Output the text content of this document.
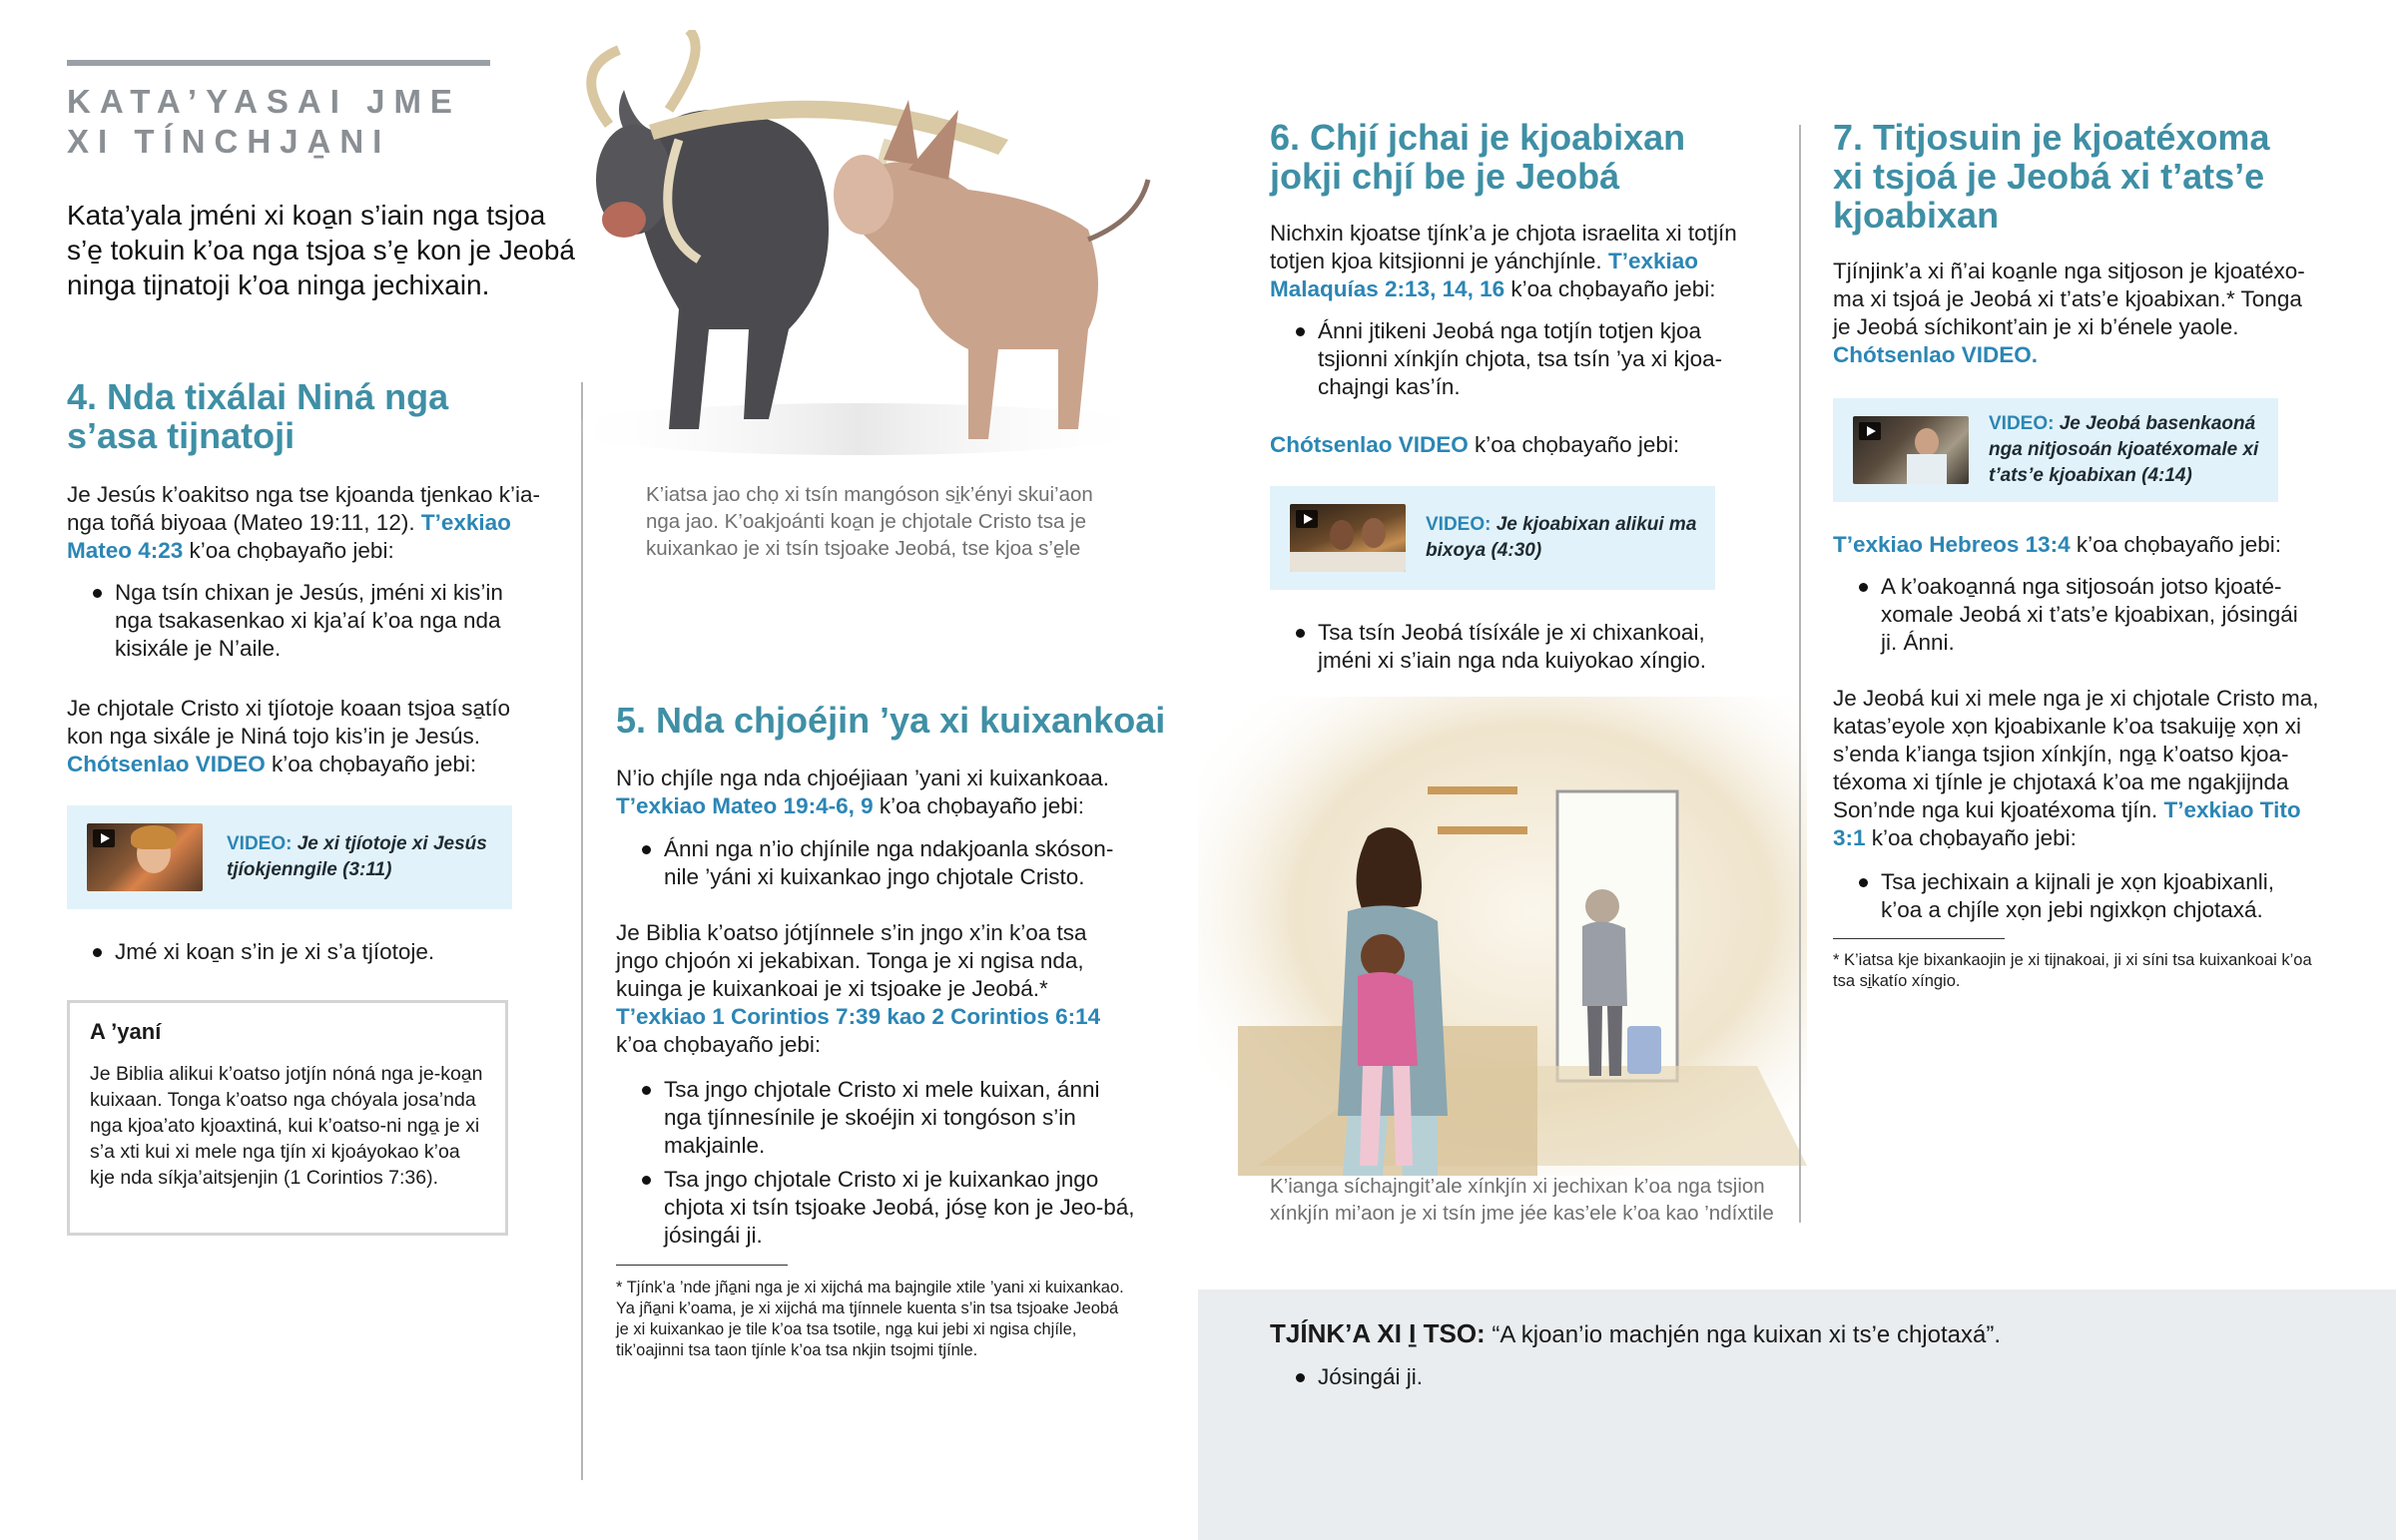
KATA’YASAI JME
XI TÍNCHJA̱NI

Kata’yala jméni xi koa̱n s’iain nga tsjoa s’e̱ tokuin k’oa nga tsjoa s’e̱ kon je Jeobá ninga tijnatoji k’oa ninga jechixain.

4. Nda tixálai Niná nga
s’asa tijnatoji

Je Jesús k’oakitso nga tse kjoanda tjenkao k’ia-nga toñá biyoaa (Mateo 19:11, 12). T’exkiao Mateo 4:23 k’oa chọbayaño jebi:

Nga tsín chixan je Jesús, jméni xi kis’in nga tsakasenkao xi kja’aí k’oa nga nda kisixále je N’aile.

Je chjotale Cristo xi tjíotoje koaan tsjoa sa̱tío kon nga sixále je Niná tojo kis’in je Jesús. Chótsenlao VIDEO k’oa chọbayaño jebi:

VIDEO: Je xi tjíotoje xi Jesús tjíokjenngile (3:11)
Jmé xi koa̱n s’in je xi s’a tjíotoje.
A ’yaní

Je Biblia alikui k’oatso jotjín nóná nga je-koa̱n kuixaan. Tonga k’oatso nga chóyala josa’nda nga kjoa’ato kjoaxtiná, kui k’oatso-ni nga̱ je xi s’a xti kui xi mele nga tjín xi kjoáyokao k’oa kje nda síkja’aitsjenjin (1 Corintios 7:36).

K’iatsa jao chọ xi tsín mangóson si̱k’ényi skui’aon nga jao. K’oakjoánti koa̱n je chjotale Cristo tsa je kuixankao je xi tsín tsjoake Jeobá, tse kjoa s’e̱le

5. Nda chjoéjin ’ya xi kuixankoai

N’io chjíle nga nda chjoéjiaan ’yani xi kuixankoaa. T’exkiao Mateo 19:4-6, 9 k’oa chọbayaño jebi:

Ánni nga n’io chjínile nga ndakjoanla skóson-nile ’yáni xi kuixankao jngo chjotale Cristo.

Je Biblia k’oatso jótjínnele s’in jngo x’in k’oa tsa jngo chjoón xi jekabixan. Tonga je xi ngisa nda, kuinga je kuixankoai je xi tsjoake je Jeobá.* T’exkiao 1 Corintios 7:39 kao 2 Corintios 6:14 k’oa chọbayaño jebi:

Tsa jngo chjotale Cristo xi mele kuixan, ánni nga tjínnesínile je skoéjin xi tongóson s’in makjainle.
Tsa jngo chjotale Cristo xi je kuixankao jngo chjota xi tsín tsjoake Jeobá, jóse̱ kon je Jeo-bá, jósingái ji.

* Tjínk’a ’nde jña̱ni nga je xi xijchá ma bajngile xtile ’yani xi kuixankao. Ya jña̱ni k’oama, je xi xijchá ma tjínnele kuenta s’in tsa tsjoake Jeobá je xi kuixankao je tile k’oa tsa tsotile, nga̱ kui jebi xi ngisa chjíle, tik’oajinni tsa taon tjínle k’oa tsa nkjin tsojmi tjínle.

6. Chjí jchai je kjoabixan
jokji chjí be je Jeobá

Nichxin kjoatse tjínk’a je chjota israelita xi totjín totjen kjoa kitsjionni je yánchjínle. T’exkiao Malaquías 2:13, 14, 16 k’oa chọbayaño jebi:

Ánni jtikeni Jeobá nga totjín totjen kjoa tsjionni xínkjín chjota, tsa tsín ’ya xi kjoa-chajngi kas’ín.

Chótsenlao VIDEO k’oa chọbayaño jebi:

VIDEO: Je kjoabixan alikui ma bixoya (4:30)
Tsa tsín Jeobá tísíxále je xi chixankoai, jméni xi s’iain nga nda kuiyokao xíngio.

K’ianga síchajngit’ale xínkjín xi jechixan k’oa nga tsjion xínkjín mi’aon je xi tsín jme jée kas’ele k’oa kao ’ndíxtile

7. Titjosuin je kjoatéxoma
xi tsjoá je Jeobá xi t’ats’e
kjoabixan

Tjínjink’a xi ñ’ai koa̱nle nga sitjoson je kjoatéxo-ma xi tsjoá je Jeobá xi t’ats’e kjoabixan.* Tonga je Jeobá síchikont’ain je xi b’énele yaole. Chótsenlao VIDEO.

VIDEO: Je Jeobá basenkaoná nga nitjosoán kjoatéxomale xi t’ats’e kjoabixan (4:14)

T’exkiao Hebreos 13:4 k’oa chọbayaño jebi:

A k’oakoa̱nná nga sitjosoán jotso kjoaté-xomale Jeobá xi t’ats’e kjoabixan, jósingái ji. Ánni.

Je Jeobá kui xi mele nga je xi chjotale Cristo ma, katas’eyole xọn kjoabixanle k’oa tsakuije̱ xọn xi s’enda k’ianga tsjion xínkjín, nga̱ k’oatso kjoa-téxoma xi tjínle je chjotaxá k’oa me ngakjijnda Son’nde nga kui kjoatéxoma tjín. T’exkiao Tito 3:1 k’oa chọbayaño jebi:

Tsa jechixain a kijnali je xọn kjoabixanli, k’oa a chjíle xọn jebi ngixkọn chjotaxá.

* K’iatsa kje bixankaojin je xi tijnakoai, ji xi síni tsa kuixankoai k’oa tsa si̱katío xíngio.

TJÍNK’A XI I̱ TSO: “A kjoan’io machjén nga kuixan xi ts’e chjotaxá”.

Jósingái ji.
